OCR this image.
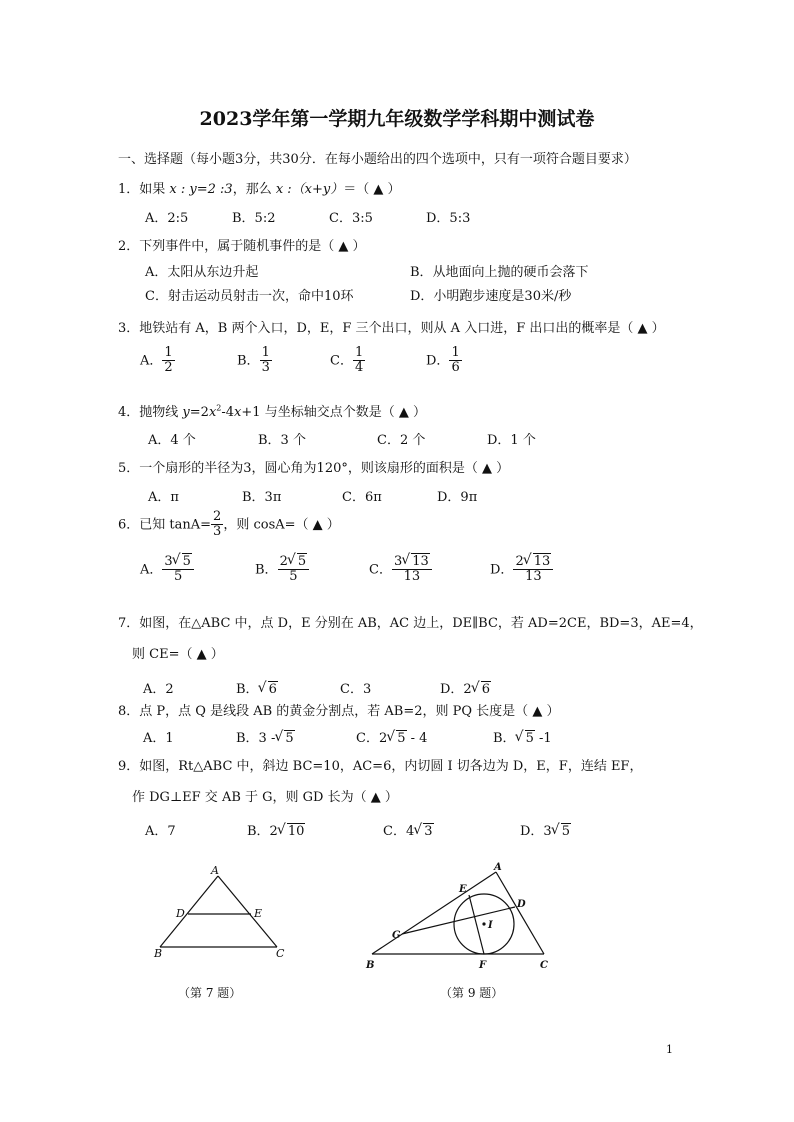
2023学年第一学期九年级数学学科期中测试卷
一、选择题（每小题3分，共30分．在每小题给出的四个选项中，只有一项符合题目要求）
1．如果 x : y=2 :3，那么 x :（x+y）＝（ ▲ ）
A．2:5	B．5:2	C．3:5	D．5:3
2．下列事件中，属于随机事件的是（ ▲ ）
A．太阳从东边升起	B．从地面向上抛的硬币会落下
C．射击运动员射击一次，命中10环	D．小明跑步速度是30米/秒
3．地铁站有 A，B 两个入口，D，E，F 三个出口，则从 A 入口进，F 出口出的概率是（ ▲ ）
A． $\frac{1}{2}$	B． $\frac{1}{3}$	C． $\frac{1}{4}$	D． $\frac{1}{6}$
4．抛物线 $y=2x^2-4x+1$ 与坐标轴交点个数是（ ▲ ）
A．4 个	B．3 个	C．2 个	D．1 个
5．一个扇形的半径为3，圆心角为120°，则该扇形的面积是（ ▲ ）
A．π	B．3π	C．6π	D．9π
6．已知 $\tan A= \frac{2}{3}$ ，则 cosA=（ ▲ ）
A． $\frac{3 √ 5}{5}$	B． $\frac{2 √ 5}{5}$	C． $\frac{3 √ 13}{13}$	D． $\frac{2 √ 13}{13}$
7．如图，在△ABC 中，点 D，E 分别在 AB，AC 边上，DE∥BC，若 AD=2CE，BD=3，AE=4，
则 CE=（ ▲ ）
A．2	B． √ 6	C．3	D．2 √ 6
8．点 P，点 Q 是线段 AB 的黄金分割点，若 AB=2，则 PQ 长度是（ ▲ ）
A．1	B．3 - √ 5	C．2 √ 5 - 4	B． √ 5 -1
9．如图，Rt△ABC 中，斜边 BC=10，AC=6，内切圆 I 切各边为 D，E，F，连结 EF，
作 DG⊥EF 交 AB 于 G，则 GD 长为（ ▲ ）
A．7	B．2 √ 10	C．4 √ 3	D．3 √ 5
A
D	E
B	C
（第 7 题）
A
E
D
I
G
B	F	C
（第 9 题）
1
